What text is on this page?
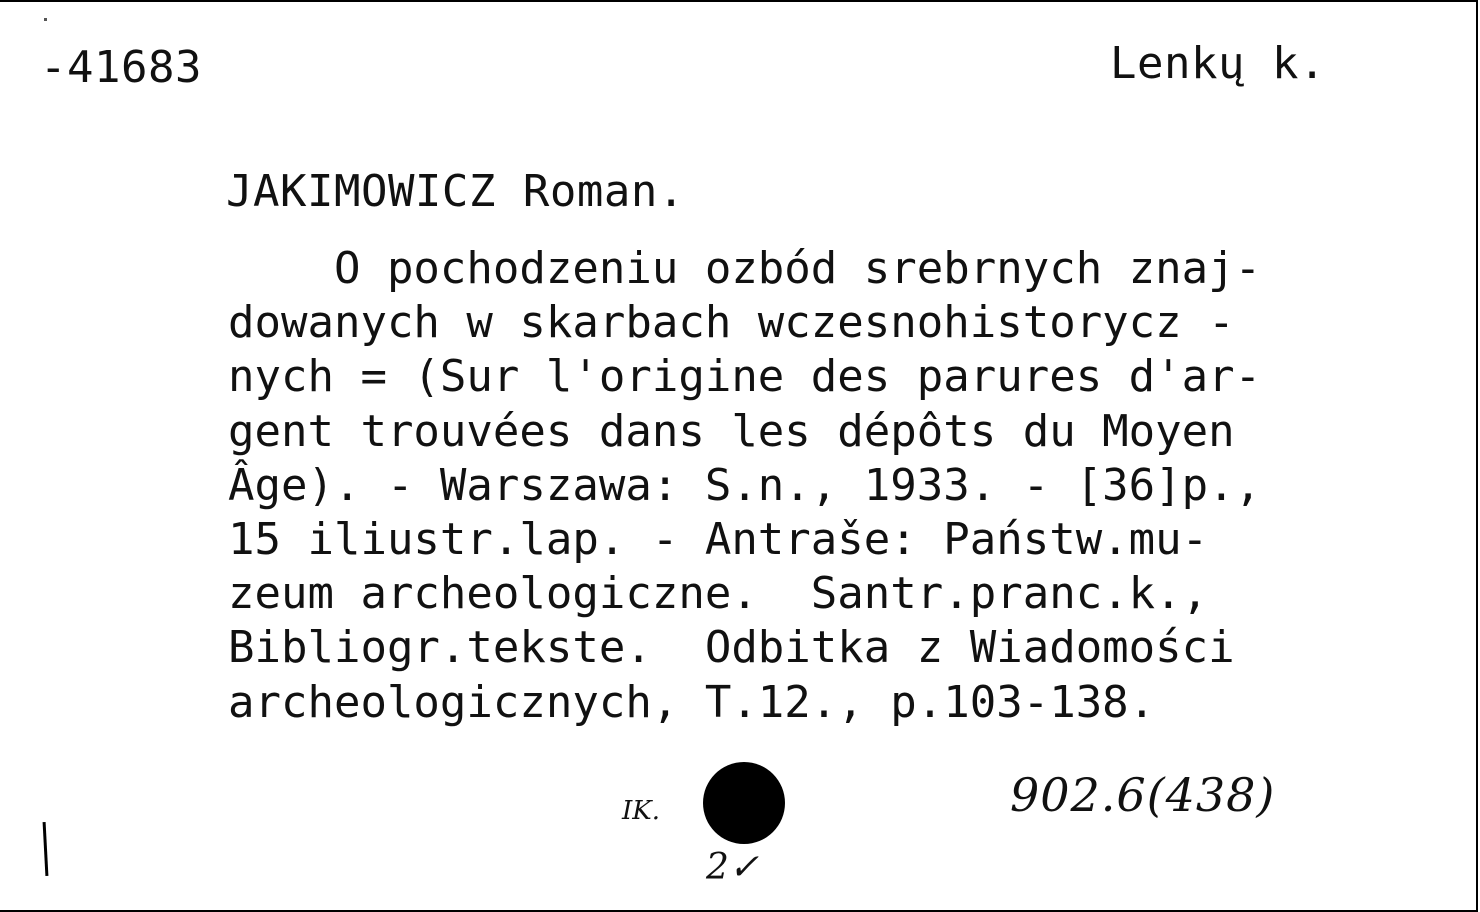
-41683	Lenkų k.
JAKIMOWICZ Roman.
O pochodzeniu ozbód srebrnych znaj-
dowanych w skarbach wczesnohistorycz -
nych = (Sur l'origine des parures d'ar-
gent trouvées dans les dépôts du Moyen
Âge). - Warszawa: S.n., 1933. - [36]p.,
15 iliustr.lap. - Antraše: Państw.mu-
zeum archeologiczne.  Santr.pranc.k.,
Bibliogr.tekste.  Odbitka z Wiadomości
archeologicznych, T.12., p.103-138.
IK.
2✓
902.6(438)
